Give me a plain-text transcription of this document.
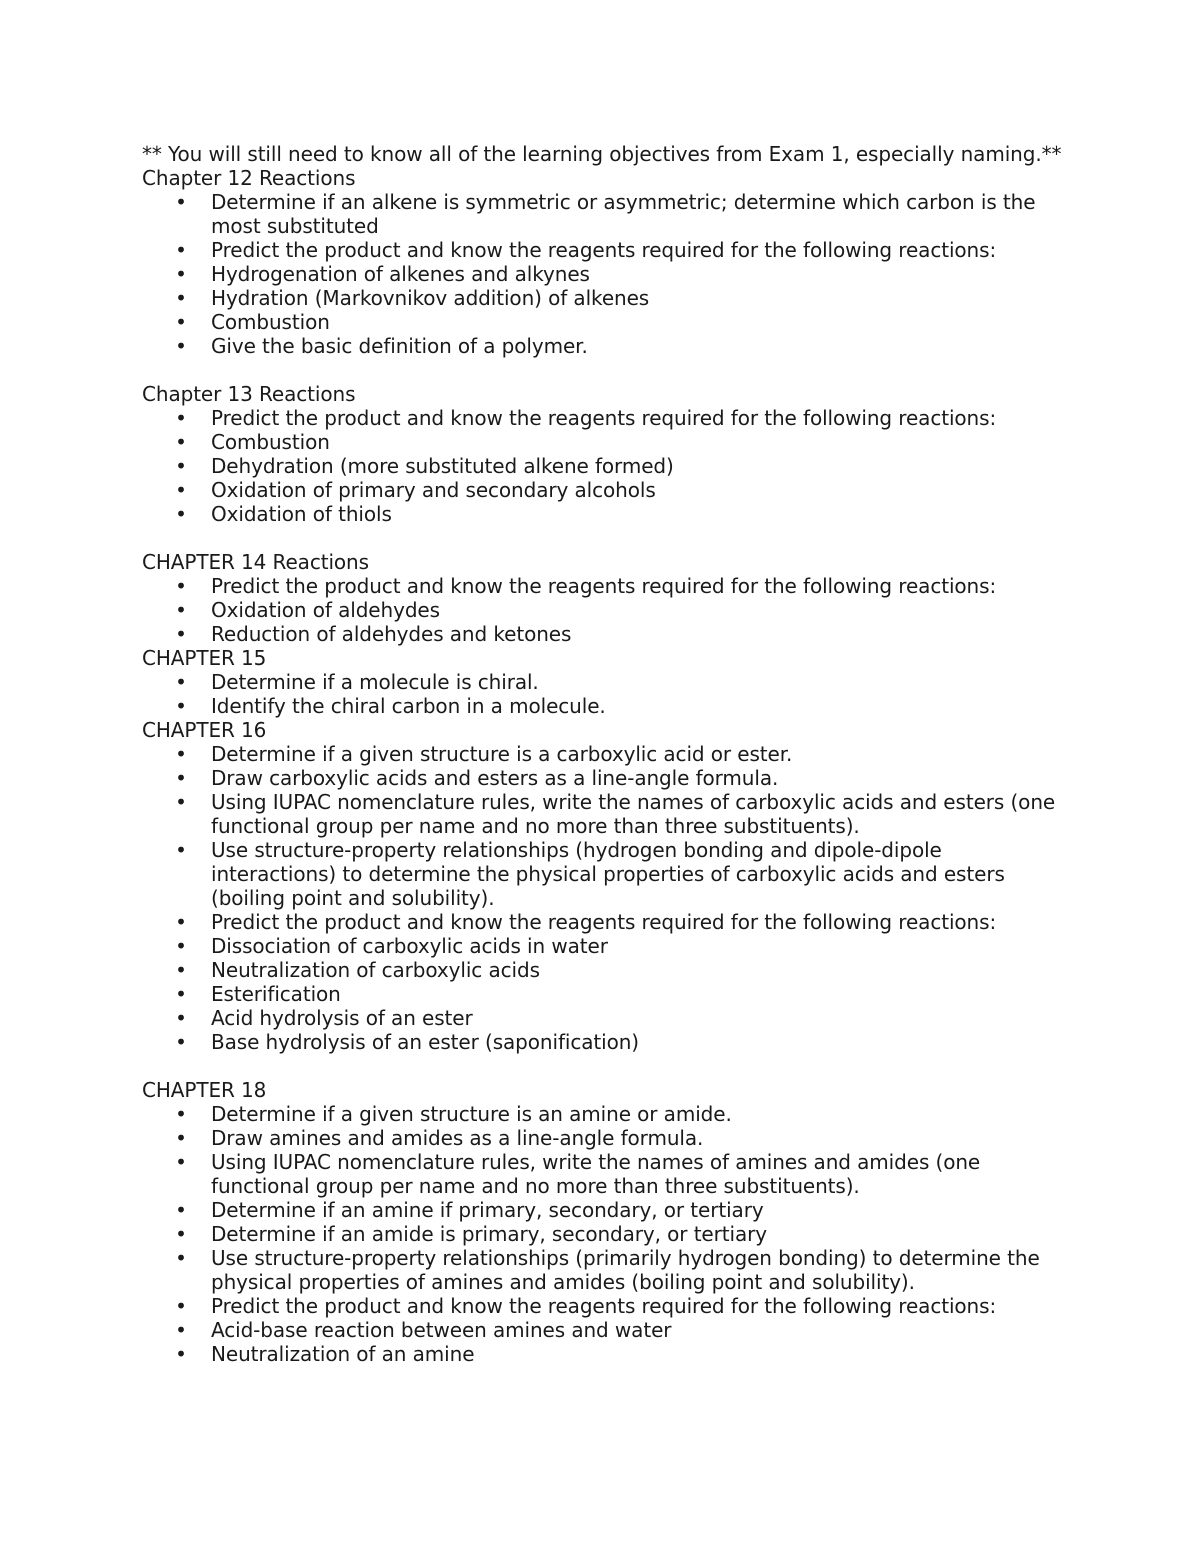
** You will still need to know all of the learning objectives from Exam 1, especially naming.**

Chapter 12 Reactions

• Determine if an alkene is symmetric or asymmetric; determine which carbon is the most substituted
• Predict the product and know the reagents required for the following reactions:
• Hydrogenation of alkenes and alkynes
• Hydration (Markovnikov addition) of alkenes
• Combustion
• Give the basic definition of a polymer.

Chapter 13 Reactions

• Predict the product and know the reagents required for the following reactions:
• Combustion
• Dehydration (more substituted alkene formed)
• Oxidation of primary and secondary alcohols
• Oxidation of thiols

CHAPTER 14 Reactions

• Predict the product and know the reagents required for the following reactions:
• Oxidation of aldehydes
• Reduction of aldehydes and ketones

CHAPTER 15

• Determine if a molecule is chiral.
• Identify the chiral carbon in a molecule.

CHAPTER 16

• Determine if a given structure is a carboxylic acid or ester.
• Draw carboxylic acids and esters as a line-angle formula.
• Using IUPAC nomenclature rules, write the names of carboxylic acids and esters (one functional group per name and no more than three substituents).
• Use structure-property relationships (hydrogen bonding and dipole-dipole interactions) to determine the physical properties of carboxylic acids and esters (boiling point and solubility).
• Predict the product and know the reagents required for the following reactions:
• Dissociation of carboxylic acids in water
• Neutralization of carboxylic acids
• Esterification
• Acid hydrolysis of an ester
• Base hydrolysis of an ester (saponification)

CHAPTER 18

• Determine if a given structure is an amine or amide.
• Draw amines and amides as a line-angle formula.
• Using IUPAC nomenclature rules, write the names of amines and amides (one functional group per name and no more than three substituents).
• Determine if an amine if primary, secondary, or tertiary
• Determine if an amide is primary, secondary, or tertiary
• Use structure-property relationships (primarily hydrogen bonding) to determine the physical properties of amines and amides (boiling point and solubility).
• Predict the product and know the reagents required for the following reactions:
• Acid-base reaction between amines and water
• Neutralization of an amine
